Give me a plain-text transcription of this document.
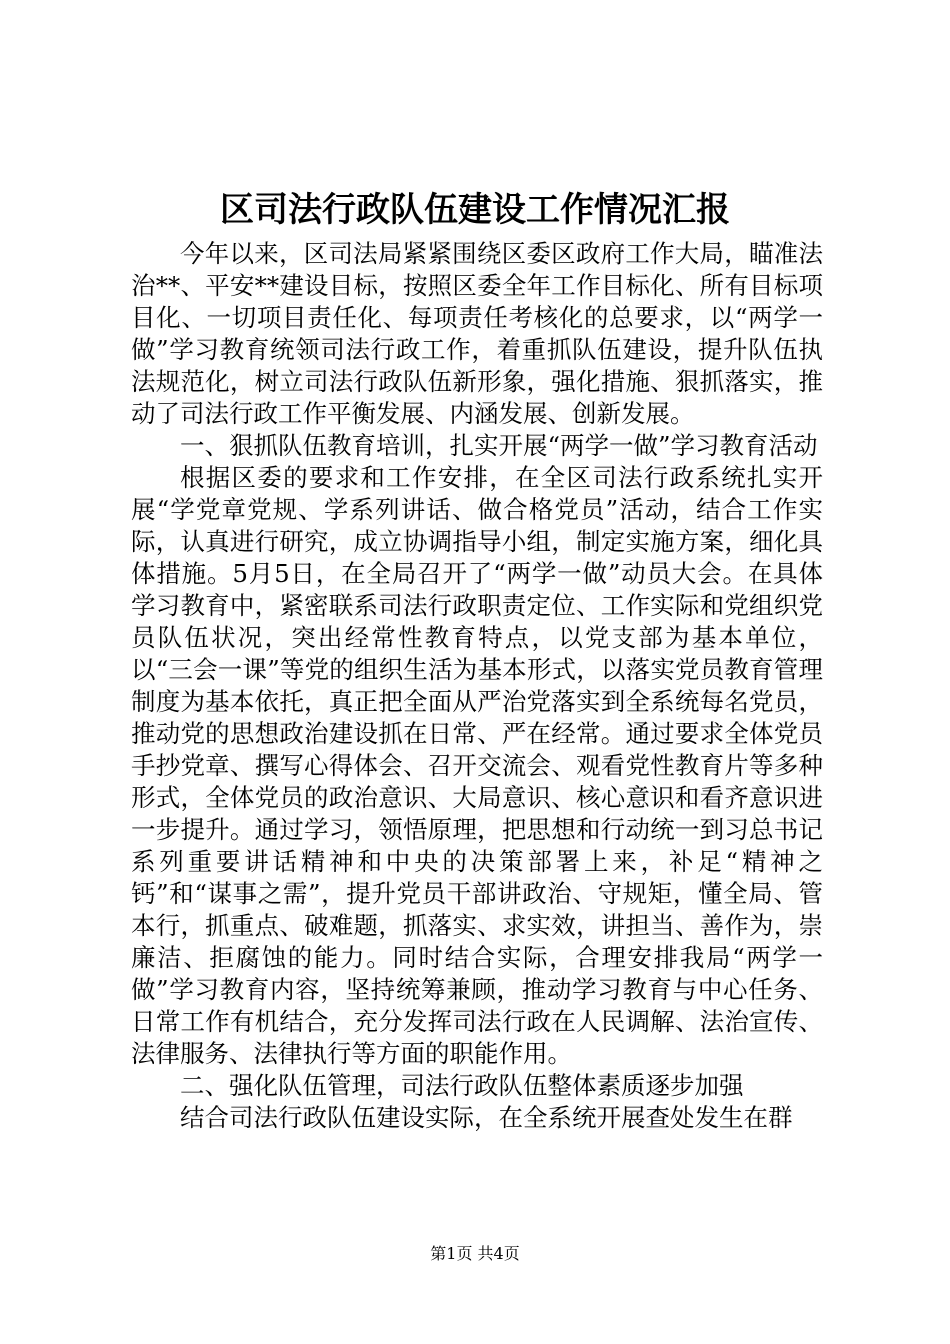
区司法行政队伍建设工作情况汇报

今年以来，区司法局紧紧围绕区委区政府工作大局，瞄准法治**、平安**建设目标，按照区委全年工作目标化、所有目标项目化、一切项目责任化、每项责任考核化的总要求，以“两学一做”学习教育统领司法行政工作，着重抓队伍建设，提升队伍执法规范化，树立司法行政队伍新形象，强化措施、狠抓落实，推动了司法行政工作平衡发展、内涵发展、创新发展。

一、狠抓队伍教育培训，扎实开展“两学一做”学习教育活动

根据区委的要求和工作安排，在全区司法行政系统扎实开展“学党章党规、学系列讲话、做合格党员”活动，结合工作实际，认真进行研究，成立协调指导小组，制定实施方案，细化具体措施。5月5日，在全局召开了“两学一做”动员大会。在具体学习教育中，紧密联系司法行政职责定位、工作实际和党组织党员队伍状况，突出经常性教育特点，以党支部为基本单位，以“三会一课”等党的组织生活为基本形式，以落实党员教育管理制度为基本依托，真正把全面从严治党落实到全系统每名党员，推动党的思想政治建设抓在日常、严在经常。通过要求全体党员手抄党章、撰写心得体会、召开交流会、观看党性教育片等多种形式，全体党员的政治意识、大局意识、核心意识和看齐意识进一步提升。通过学习，领悟原理，把思想和行动统一到习总书记系列重要讲话精神和中央的决策部署上来，补足“精神之钙”和“谋事之需”，提升党员干部讲政治、守规矩，懂全局、管本行，抓重点、破难题，抓落实、求实效，讲担当、善作为，崇廉洁、拒腐蚀的能力。同时结合实际，合理安排我局“两学一做”学习教育内容，坚持统筹兼顾，推动学习教育与中心任务、日常工作有机结合，充分发挥司法行政在人民调解、法治宣传、法律服务、法律执行等方面的职能作用。

二、强化队伍管理，司法行政队伍整体素质逐步加强

结合司法行政队伍建设实际，在全系统开展查处发生在群

第1页 共4页
